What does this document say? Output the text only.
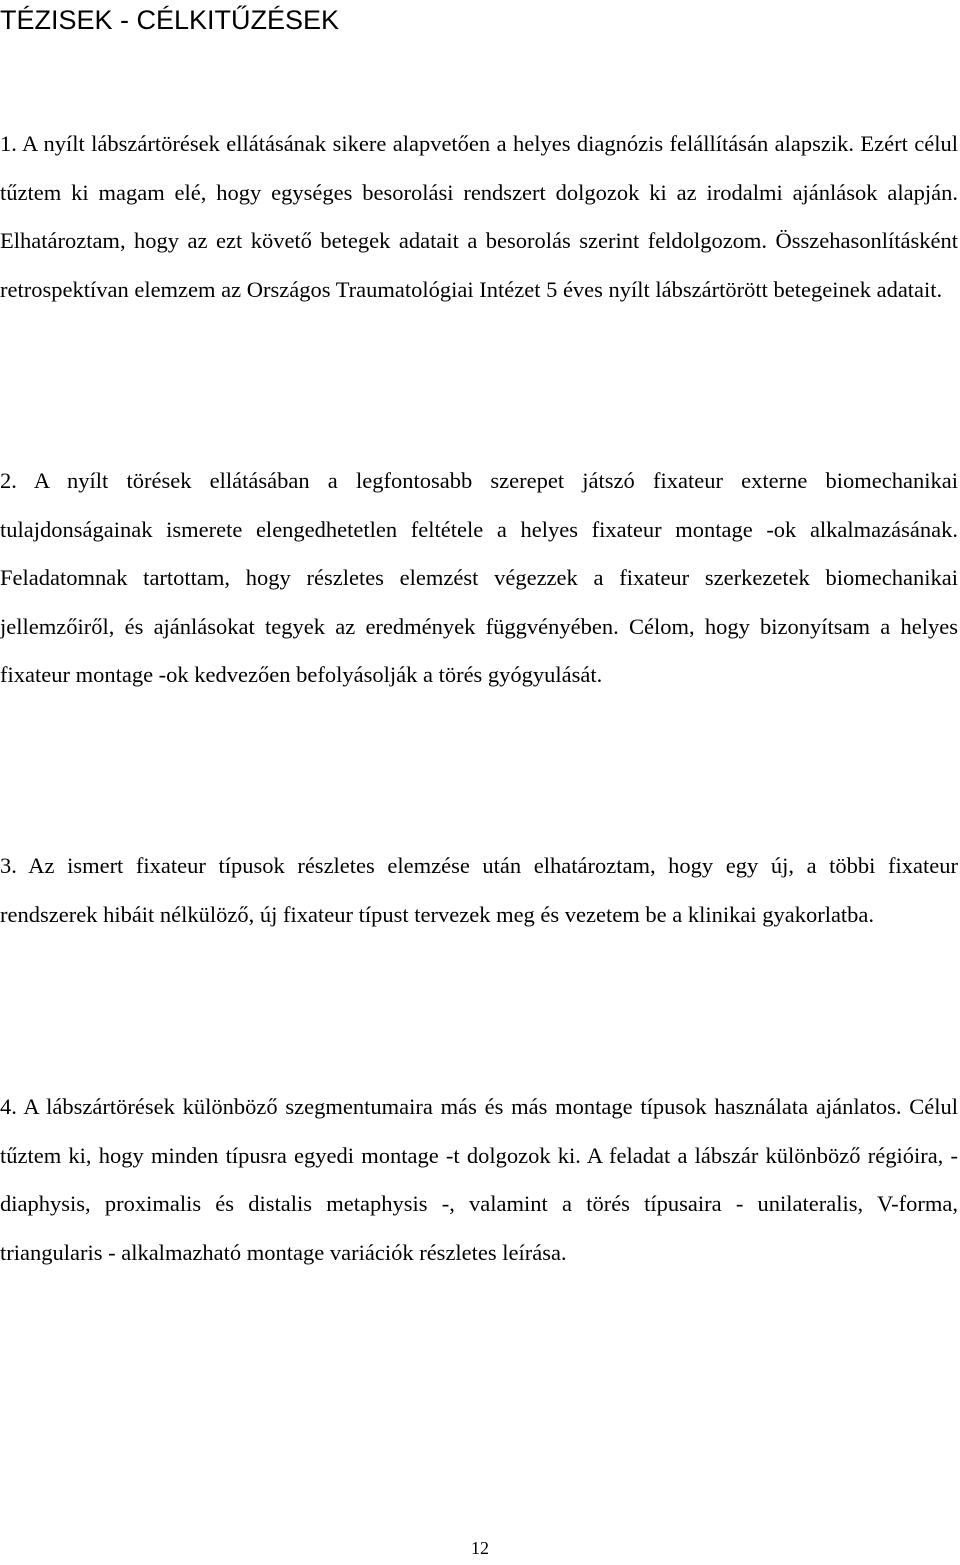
TÉZISEK - CÉLKITŰZÉSEK

1. A nyílt lábszártörések ellátásának sikere alapvetően a helyes diagnózis felállításán alapszik. Ezért célul tűztem ki magam elé, hogy egységes besorolási rendszert dolgozok ki az irodalmi ajánlások alapján. Elhatároztam, hogy az ezt követő betegek adatait a besorolás szerint feldolgozom. Összehasonlításként retrospektívan elemzem az Országos Traumatológiai Intézet 5 éves nyílt lábszártörött betegeinek adatait.

2. A nyílt törések ellátásában a legfontosabb szerepet játszó fixateur externe biomechanikai tulajdonságainak ismerete elengedhetetlen feltétele a helyes fixateur montage -ok alkalmazásának. Feladatomnak tartottam, hogy részletes elemzést végezzek a fixateur szerkezetek biomechanikai jellemzőiről, és ajánlásokat tegyek az eredmények függvényében. Célom, hogy bizonyítsam a helyes fixateur montage -ok kedvezően befolyásolják a törés gyógyulását.

3. Az ismert fixateur típusok részletes elemzése után elhatároztam, hogy egy új, a többi fixateur rendszerek hibáit nélkülöző, új fixateur típust tervezek meg és vezetem be a klinikai gyakorlatba.

4. A lábszártörések különböző szegmentumaira más és más montage típusok használata ajánlatos. Célul tűztem ki, hogy minden típusra egyedi montage -t dolgozok ki. A feladat a lábszár különböző régióira, - diaphysis, proximalis és distalis metaphysis -, valamint a törés típusaira - unilateralis, V-forma, triangularis - alkalmazható montage variációk részletes leírása.

12
